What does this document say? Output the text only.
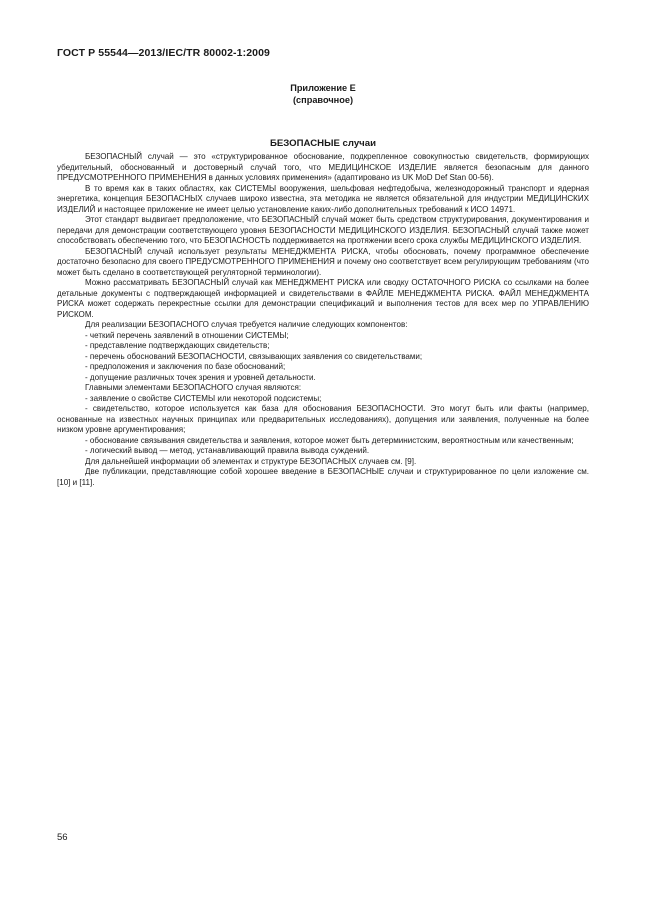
ГОСТ Р 55544—2013/IEC/TR 80002-1:2009
Приложение Е
(справочное)
БЕЗОПАСНЫЕ случаи

БЕЗОПАСНЫЙ случай — это «структурированное обоснование, подкрепленное совокупностью свидетельств, формирующих убедительный, обоснованный и достоверный случай того, что МЕДИЦИНСКОЕ ИЗДЕЛИЕ является безопасным для данного ПРЕДУСМОТРЕННОГО ПРИМЕНЕНИЯ в данных условиях применения» (адаптировано из UK MoD Def Stan 00-56).

В то время как в таких областях, как СИСТЕМЫ вооружения, шельфовая нефтедобыча, железнодорожный транспорт и ядерная энергетика, концепция БЕЗОПАСНЫХ случаев широко известна, эта методика не является обязательной для индустрии МЕДИЦИНСКИХ ИЗДЕЛИЙ и настоящее приложение не имеет целью установление каких-либо дополнительных требований к ИСО 14971.

Этот стандарт выдвигает предположение, что БЕЗОПАСНЫЙ случай может быть средством структурирования, документирования и передачи для демонстрации соответствующего уровня БЕЗОПАСНОСТИ МЕДИЦИНСКОГО ИЗДЕЛИЯ. БЕЗОПАСНЫЙ случай также может способствовать обеспечению того, что БЕЗОПАСНОСТЬ поддерживается на протяжении всего срока службы МЕДИЦИНСКОГО ИЗДЕЛИЯ.

БЕЗОПАСНЫЙ случай использует результаты МЕНЕДЖМЕНТА РИСКА, чтобы обосновать, почему программное обеспечение достаточно безопасно для своего ПРЕДУСМОТРЕННОГО ПРИМЕНЕНИЯ и почему оно соответствует всем регулирующим требованиям (что может быть сделано в соответствующей регуляторной терминологии).

Можно рассматривать БЕЗОПАСНЫЙ случай как МЕНЕДЖМЕНТ РИСКА или сводку ОСТАТОЧНОГО РИСКА со ссылками на более детальные документы с подтверждающей информацией и свидетельствами в ФАЙЛЕ МЕНЕДЖМЕНТА РИСКА. ФАЙЛ МЕНЕДЖМЕНТА РИСКА может содержать перекрестные ссылки для демонстрации спецификаций и выполнения тестов для всех мер по УПРАВЛЕНИЮ РИСКОМ.

Для реализации БЕЗОПАСНОГО случая требуется наличие следующих компонентов:

- четкий перечень заявлений в отношении СИСТЕМЫ;

- представление подтверждающих свидетельств;

- перечень обоснований БЕЗОПАСНОСТИ, связывающих заявления со свидетельствами;

- предположения и заключения по базе обоснований;

- допущение различных точек зрения и уровней детальности.

Главными элементами БЕЗОПАСНОГО случая являются:

- заявление о свойстве СИСТЕМЫ или некоторой подсистемы;

- свидетельство, которое используется как база для обоснования БЕЗОПАСНОСТИ. Это могут быть или факты (например, основанные на известных научных принципах или предварительных исследованиях), допущения или заявления, полученные на более низком уровне аргументирования;

- обоснование связывания свидетельства и заявления, которое может быть детерминистским, вероятностным или качественным;

- логический вывод — метод, устанавливающий правила вывода суждений.

Для дальнейшей информации об элементах и структуре БЕЗОПАСНЫХ случаев см. [9].

Две публикации, представляющие собой хорошее введение в БЕЗОПАСНЫЕ случаи и структурированное по цели изложение см. [10] и [11].

56
